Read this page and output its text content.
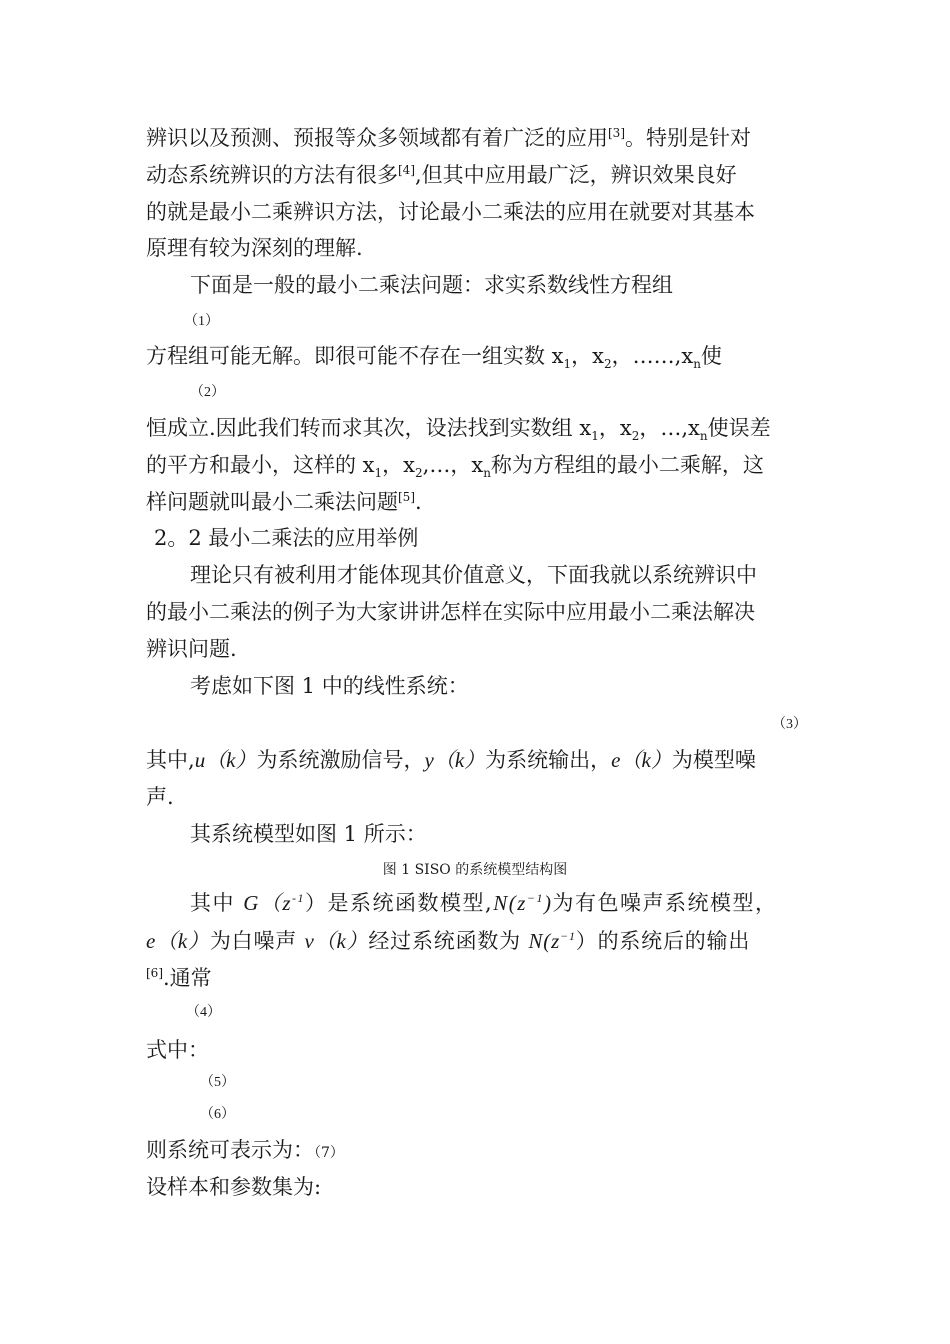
辨识以及预测、预报等众多领域都有着广泛的应用[3]。特别是针对
动态系统辨识的方法有很多[4],但其中应用最广泛，辨识效果良好
的就是最小二乘辨识方法，讨论最小二乘法的应用在就要对其基本
原理有较为深刻的理解.
下面是一般的最小二乘法问题：求实系数线性方程组
（1）
方程组可能无解。即很可能不存在一组实数 $x_1$，$x_2$，$\dots\dots,x_n$使
（2）
恒成立.因此我们转而求其次，设法找到实数组 $x_1$，$x_2$，$\dots,x_n$使误差
的平方和最小，这样的 $x_1$，$x_2,\dots$，$x_n$称为方程组的最小二乘解，这
样问题就叫最小二乘法问题[5].
2。2 最小二乘法的应用举例
理论只有被利用才能体现其价值意义，下面我就以系统辨识中
的最小二乘法的例子为大家讲讲怎样在实际中应用最小二乘法解决
辨识问题.
考虑如下图 1 中的线性系统：
（3）
其中,u（k）为系统激励信号，y（k）为系统输出，e（k）为模型噪
声.
其系统模型如图 1 所示：
图 1 SISO 的系统模型结构图
其中 $G(z^{-1})$是系统函数模型$,N(z^{-1})$为有色噪声系统模型，
e（k）为白噪声 v（k）经过系统函数为 $N(z^{-1})$的系统后的输出
[6].通常
（4）
式中：
（5）
（6）
则系统可表示为：（7）
设样本和参数集为:
